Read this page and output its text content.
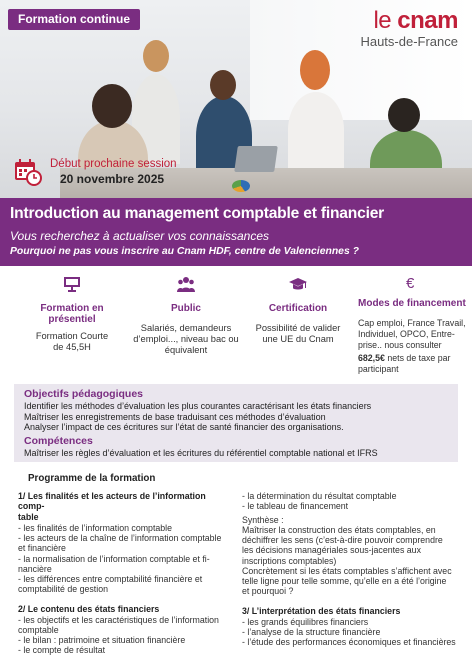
Formation continue	le cnam
Hauts-de-France
Début prochaine session
20 novembre 2025
Introduction au management comptable et financier
Vous recherchez à actualiser vos connaissances
Pourquoi ne pas vous inscrire au Cnam HDF, centre de Valenciennes ?
Formation en
présentiel
Formation Courte
de 45,5H
Public
Salariés, demandeurs
d’emploi..., niveau bac ou
équivalent
Certification
Possibilité de valider
une UE du Cnam
€
Modes de financement
Cap emploi, France Travail,
Individuel, OPCO, Entre-
prise.. nous consulter
682,5€ nets de taxe par
participant
Objectifs pédagogiques

Identifier les méthodes d’évaluation les plus courantes caractérisant les états financiers

Maîtriser les enregistrements de base traduisant ces méthodes d’évaluation

Analyser l’impact de ces écritures sur l’état de santé financier des organisations.

Compétences

Maîtriser les règles d’évaluation et les écritures du référentiel comptable national et IFRS

Programme de la formation
1/ Les finalités et les acteurs de l’information comp-
table
- les finalités de l’information comptable
- les acteurs de la chaîne de l’information comptable
et financière
- la normalisation de l’information comptable et fi-
nancière
- les différences entre comptabilité financière et
comptabilité de gestion
2/ Le contenu des états financiers
- les objectifs et les caractéristiques de l’information
comptable
- le bilan : patrimoine et situation financière
- le compte de résultat
- la détermination du résultat comptable
- le tableau de financement
Synthèse :
Maîtriser la construction des états comptables, en
déchiffrer les sens (c’est-à-dire pouvoir comprendre
les décisions managériales sous-jacentes aux
inscriptions comptables)
Concrètement si les états comptables s’affichent avec
telle ligne pour telle somme, qu’elle en a été l’origine
et pourquoi ?
3/ L’interprétation des états financiers
- les grands équilibres financiers
- l’analyse de la structure financière
- l’étude des performances économiques et financières
